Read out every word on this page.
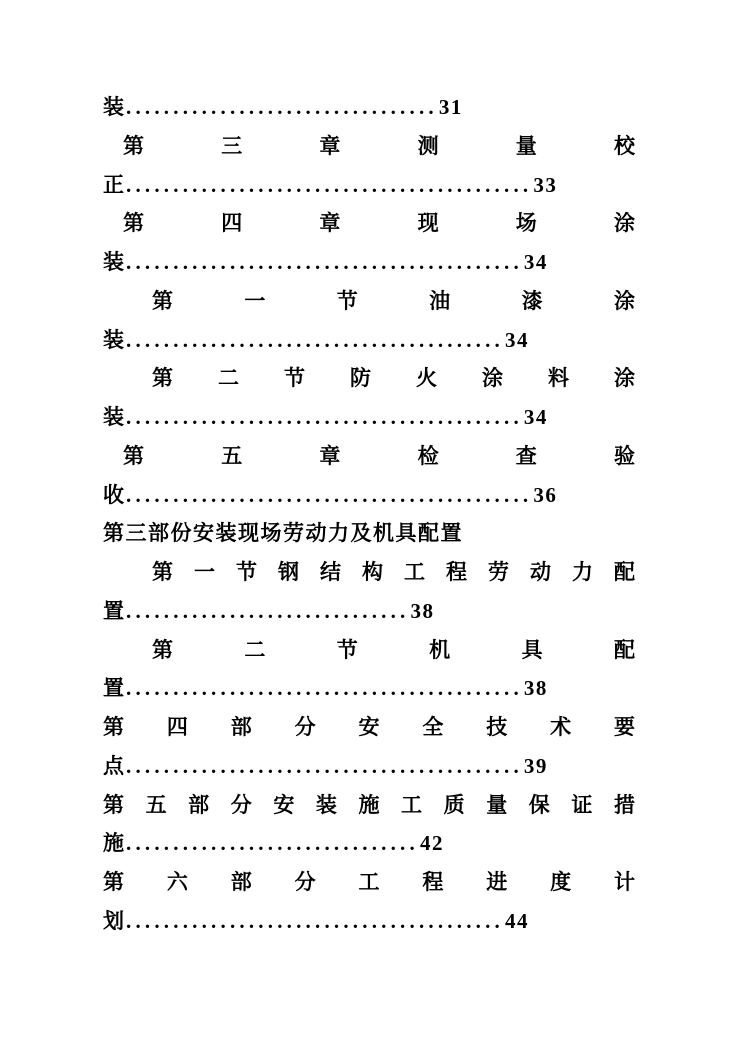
装.................................31
第	三	章	测	量	校
正...........................................33
第	四	章	现	场	涂
装..........................................34
第	一	节	油	漆	涂
装........................................34
第 二 节 防 火 涂 料 涂
装..........................................34
第	五	章	检	查	验
收...........................................36
第三部份安装现场劳动力及机具配置
第 一 节 钢 结 构 工 程 劳 动 力 配
置..............................38
第	二	节	机	具	配
置..........................................38
第 四 部 分 安 全 技 术 要
点..........................................39
第 五 部 分 安 装 施 工 质 量 保 证 措
施...............................42
第 六 部 分 工 程 进 度 计
划........................................44
